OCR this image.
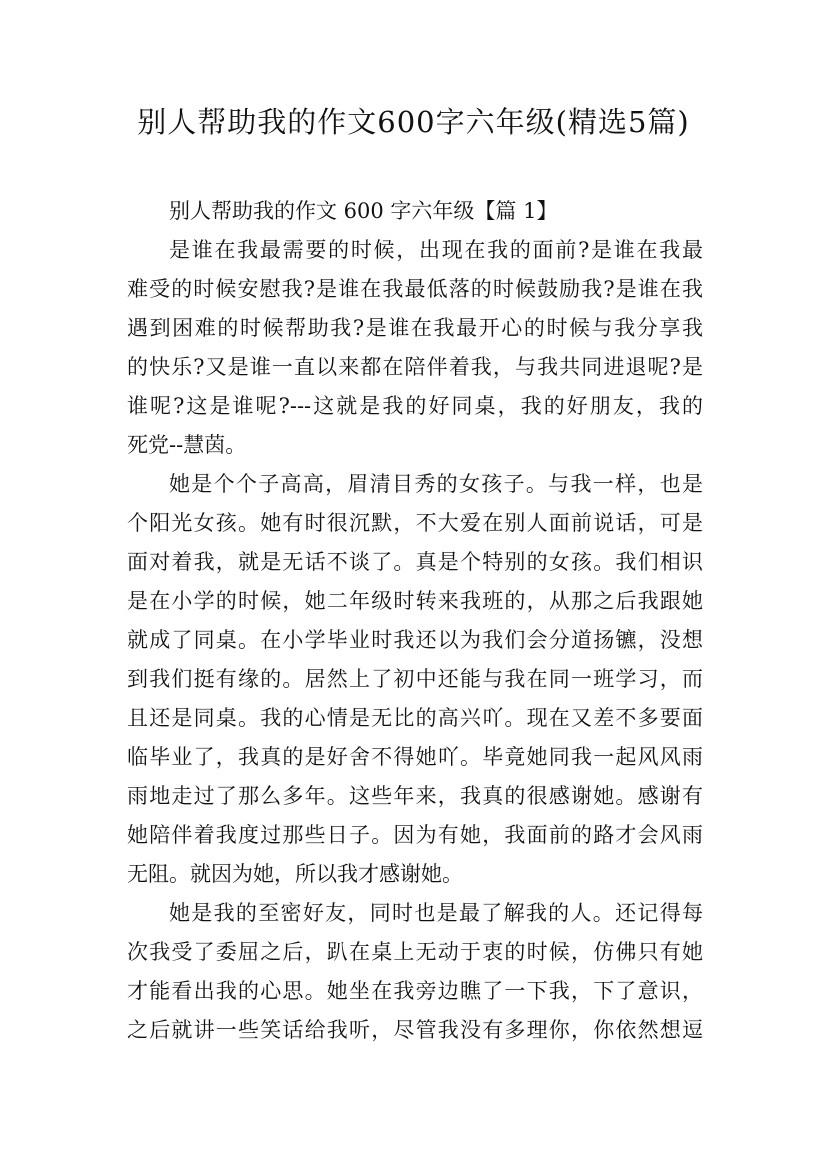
别人帮助我的作文600字六年级(精选5篇)
别人帮助我的作文 600 字六年级【篇 1】
是谁在我最需要的时候，出现在我的面前?是谁在我最
难受的时候安慰我?是谁在我最低落的时候鼓励我?是谁在我
遇到困难的时候帮助我?是谁在我最开心的时候与我分享我
的快乐?又是谁一直以来都在陪伴着我，与我共同进退呢?是
谁呢?这是谁呢?---这就是我的好同桌，我的好朋友，我的
死党--慧茵。
她是个个子高高，眉清目秀的女孩子。与我一样，也是
个阳光女孩。她有时很沉默，不大爱在别人面前说话，可是
面对着我，就是无话不谈了。真是个特别的女孩。我们相识
是在小学的时候，她二年级时转来我班的，从那之后我跟她
就成了同桌。在小学毕业时我还以为我们会分道扬镳，没想
到我们挺有缘的。居然上了初中还能与我在同一班学习，而
且还是同桌。我的心情是无比的高兴吖。现在又差不多要面
临毕业了，我真的是好舍不得她吖。毕竟她同我一起风风雨
雨地走过了那么多年。这些年来，我真的很感谢她。感谢有
她陪伴着我度过那些日子。因为有她，我面前的路才会风雨
无阻。就因为她，所以我才感谢她。
她是我的至密好友，同时也是最了解我的人。还记得每
次我受了委屈之后，趴在桌上无动于衷的时候，仿佛只有她
才能看出我的心思。她坐在我旁边瞧了一下我，下了意识，
之后就讲一些笑话给我听，尽管我没有多理你，你依然想逗
